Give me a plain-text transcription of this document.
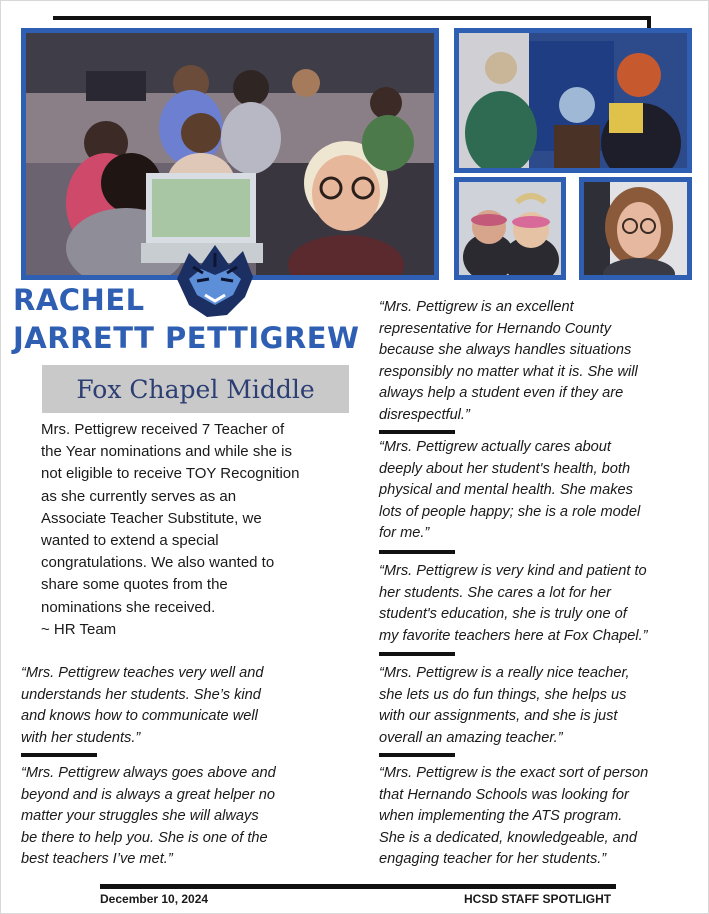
RACHEL
JARRETT PETTIGREW
Fox Chapel Middle
Mrs. Pettigrew received 7 Teacher of
the Year nominations and while she is
not eligible to receive TOY Recognition
as she currently serves as an
Associate Teacher Substitute, we
wanted to extend a special
congratulations. We also wanted to
share some quotes from the
nominations she received.
~ HR Team
“Mrs. Pettigrew teaches very well and
understands her students. She’s kind
and knows how to communicate well
with her students.”
“Mrs. Pettigrew always goes above and
beyond and is always a great helper no
matter your struggles she will always
be there to help you. She is one of the
best teachers I’ve met.”
“Mrs. Pettigrew is an excellent
representative for Hernando County
because she always handles situations
responsibly no matter what it is. She will
always help a student even if they are
disrespectful.”
“Mrs. Pettigrew actually cares about
deeply about her student's health, both
physical and mental health. She makes
lots of people happy; she is a role model
for me.”
“Mrs. Pettigrew is very kind and patient to
her students. She cares a lot for her
student's education, she is truly one of
my favorite teachers here at Fox Chapel.”
“Mrs. Pettigrew is a really nice teacher,
she lets us do fun things, she helps us
with our assignments, and she is just
overall an amazing teacher.”
“Mrs. Pettigrew is the exact sort of person
that Hernando Schools was looking for
when implementing the ATS program.
She is a dedicated, knowledgeable, and
engaging teacher for her students.”
December 10, 2024	HCSD STAFF SPOTLIGHT
